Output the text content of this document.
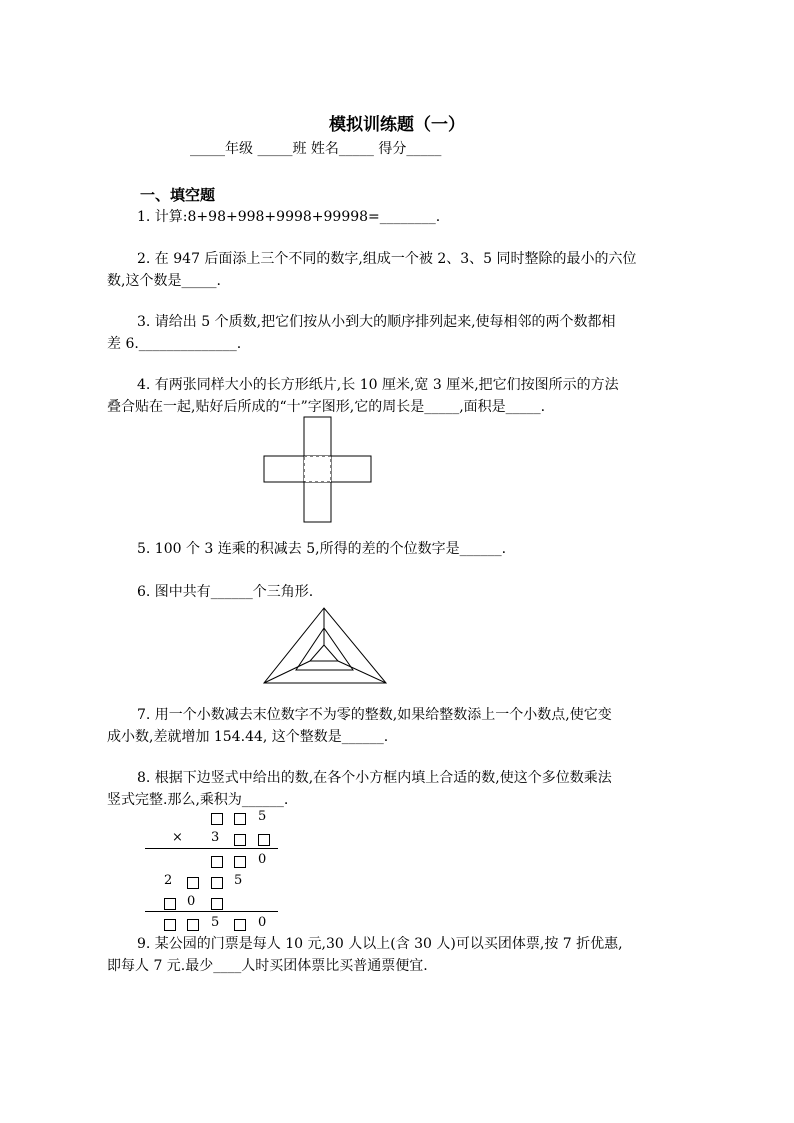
模拟训练题（一）
_____年级 _____班 姓名_____ 得分_____
一、填空题
1. 计算:8+98+998+9998+99998=________.
2. 在 947 后面添上三个不同的数字,组成一个被 2、3、5 同时整除的最小的六位
数,这个数是_____.
3. 请给出 5 个质数,把它们按从小到大的顺序排列起来,使每相邻的两个数都相
差 6.______________.
4. 有两张同样大小的长方形纸片,长 10 厘米,宽 3 厘米,把它们按图所示的方法
叠合贴在一起,贴好后所成的“十”字图形,它的周长是_____,面积是_____.
5. 100 个 3 连乘的积减去 5,所得的差的个位数字是______.
6. 图中共有______个三角形.
7. 用一个小数减去末位数字不为零的整数,如果给整数添上一个小数点,使它变
成小数,差就增加 154.44, 这个整数是______.
8. 根据下边竖式中给出的数,在各个小方框内填上合适的数,使这个多位数乘法
竖式完整.那么,乘积为______.
5
× 3
0
2	5
0
5	0
9. 某公园的门票是每人 10 元,30 人以上(含 30 人)可以买团体票,按 7 折优惠,
即每人 7 元.最少____人时买团体票比买普通票便宜.
